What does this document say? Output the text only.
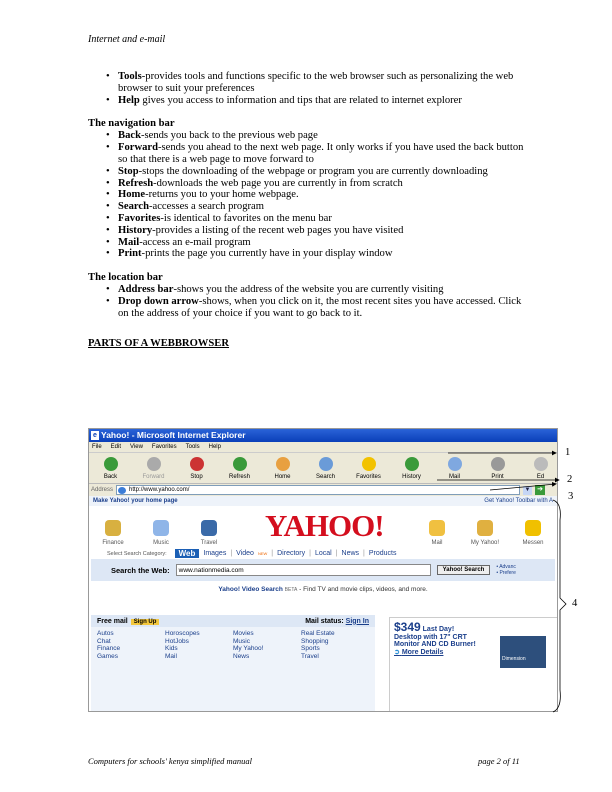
Internet and e-mail
• Tools-provides tools and functions specific to the web browser such as personalizing the web browser to suit your preferences
• Help gives you access to information and tips that are related to internet explorer
The navigation bar
• Back-sends you back to the previous web page
• Forward-sends you ahead to the next web page. It only works if you have used the back button so that there is a web page to move forward to
• Stop-stops the downloading of the webpage or program you are currently downloading
• Refresh-downloads the web page you are currently in from scratch
• Home-returns you to your home webpage.
• Search-accesses a search program
• Favorites-is identical to favorites on the menu bar
• History-provides a listing of the recent web pages you have visited
• Mail-access an e-mail program
• Print-prints the page you currently have in your display window
The location bar
• Address bar-shows you the address of the website you are currently visiting
• Drop down arrow-shows, when you click on it, the most recent sites you have accessed. Click on the address of your choice if you want to go back to it.
PARTS OF A WEBBROWSER
e Yahoo! - Microsoft Internet Explorer
File Edit View Favorites Tools Help
Back	Forward	Stop	Refresh	Home	Search	Favorites	History	Mail	Print	Ed
Address	http://www.yahoo.com/	▼ ➔
Make Yahoo! your home page	Get Yahoo! Toolbar with A
YAHOO!
Finance	Music	Travel	Mail	My Yahoo!	Messen
Select Search Category:	Web	Images | Video NEW | Directory | Local | News | Products
Search the Web:	www.nationmedia.com	Yahoo! Search	• Advanc
• Prefere
Yahoo! Video Search BETA - Find TV and movie clips, videos, and more.
Free mail Sign Up	Mail status: Sign In
Autos	Horoscopes	Movies	Real Estate
Chat	HotJobs	Music	Shopping
Finance	Kids	My Yahoo!	Sports
Games	Mail	News	Travel
$349 Last Day!
Desktop with 17" CRT
Monitor AND CD Burner!
➲ More Details
Dimension
1
2
3
4
Computers for schools' kenya simplified manual	page 2 of 11
